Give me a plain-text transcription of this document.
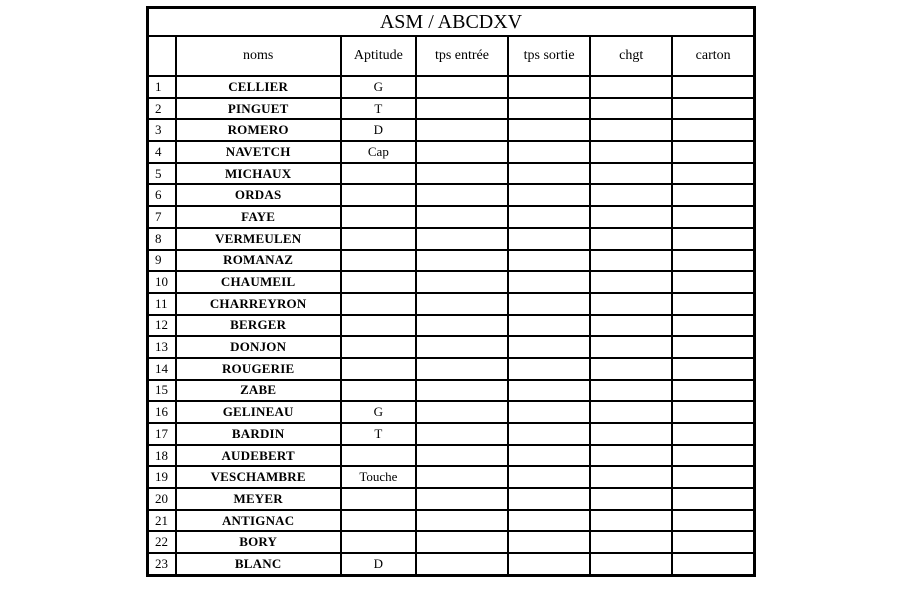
ASM / ABCDXV						
	noms	Aptitude	tps entrée	tps sortie	chgt	carton
1	CELLIER	G				
2	PINGUET	T				
3	ROMERO	D				
4	NAVETCH	Cap				
5	MICHAUX					
6	ORDAS					
7	FAYE					
8	VERMEULEN					
9	ROMANAZ					
10	CHAUMEIL					
11	CHARREYRON					
12	BERGER					
13	DONJON					
14	ROUGERIE					
15	ZABE					
16	GELINEAU	G				
17	BARDIN	T				
18	AUDEBERT					
19	VESCHAMBRE	Touche				
20	MEYER					
21	ANTIGNAC					
22	BORY					
23	BLANC	D				
